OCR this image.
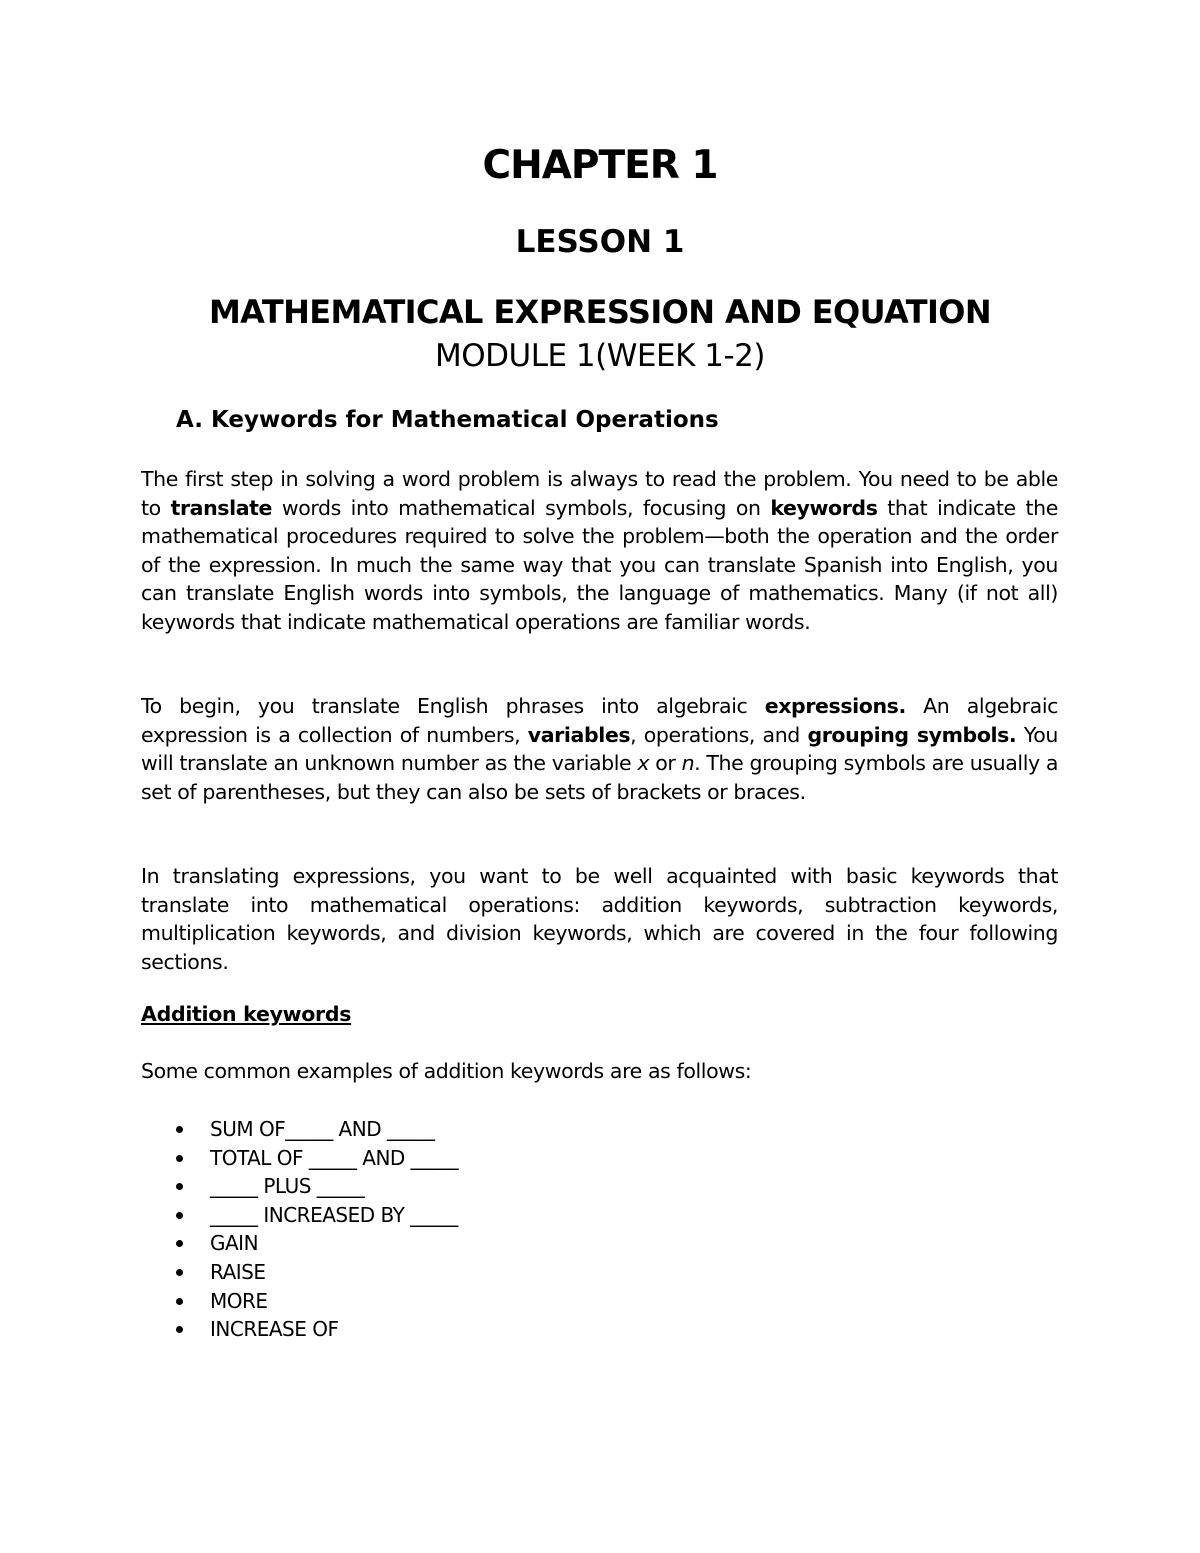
CHAPTER 1
LESSON 1
MATHEMATICAL EXPRESSION AND EQUATION
MODULE 1(WEEK 1-2)
A. Keywords for Mathematical Operations

The first step in solving a word problem is always to read the problem. You need to be able to translate words into mathematical symbols, focusing on keywords that indicate the mathematical procedures required to solve the problem—both the operation and the order of the expression. In much the same way that you can translate Spanish into English, you can translate English words into symbols, the language of mathematics. Many (if not all) keywords that indicate mathematical operations are familiar words.

To begin, you translate English phrases into algebraic expressions. An algebraic expression is a collection of numbers, variables, operations, and grouping symbols. You will translate an unknown number as the variable x or n. The grouping symbols are usually a set of parentheses, but they can also be sets of brackets or braces.

In translating expressions, you want to be well acquainted with basic keywords that translate into mathematical operations: addition keywords, subtraction keywords, multiplication keywords, and division keywords, which are covered in the four following sections.

Addition keywords
Some common examples of addition keywords are as follows:
SUM OF_____ AND _____
TOTAL OF _____ AND _____
_____ PLUS _____
_____ INCREASED BY _____
GAIN
RAISE
MORE
INCREASE OF
